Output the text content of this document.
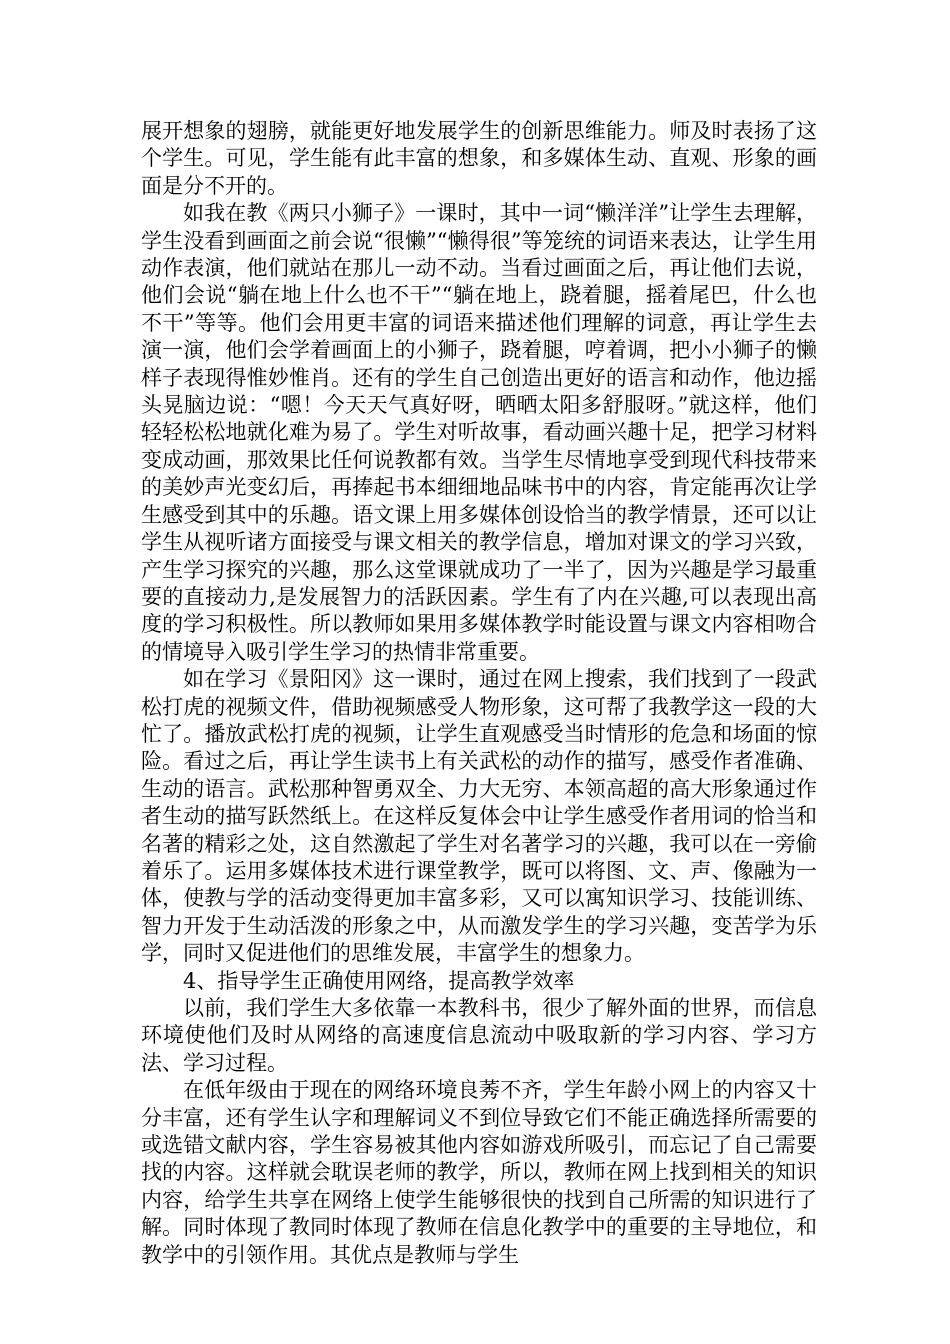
展开想象的翅膀，就能更好地发展学生的创新思维能力。师及时表扬了这个学生。可见，学生能有此丰富的想象，和多媒体生动、直观、形象的画面是分不开的。

如我在教《两只小狮子》一课时，其中一词“懒洋洋”让学生去理解，学生没看到画面之前会说“很懒”“懒得很”等笼统的词语来表达，让学生用动作表演，他们就站在那儿一动不动。当看过画面之后，再让他们去说，他们会说“躺在地上什么也不干”“躺在地上，跷着腿，摇着尾巴，什么也不干”等等。他们会用更丰富的词语来描述他们理解的词意，再让学生去演一演，他们会学着画面上的小狮子，跷着腿，哼着调，把小小狮子的懒样子表现得惟妙惟肖。还有的学生自己创造出更好的语言和动作，他边摇头晃脑边说：“嗯！今天天气真好呀，晒晒太阳多舒服呀。”就这样，他们轻轻松松地就化难为易了。学生对听故事，看动画兴趣十足，把学习材料变成动画，那效果比任何说教都有效。当学生尽情地享受到现代科技带来的美妙声光变幻后，再捧起书本细细地品味书中的内容，肯定能再次让学生感受到其中的乐趣。语文课上用多媒体创设恰当的教学情景，还可以让学生从视听诸方面接受与课文相关的教学信息，增加对课文的学习兴致，产生学习探究的兴趣，那么这堂课就成功了一半了，因为兴趣是学习最重要的直接动力,是发展智力的活跃因素。学生有了内在兴趣,可以表现出高度的学习积极性。所以教师如果用多媒体教学时能设置与课文内容相吻合的情境导入吸引学生学习的热情非常重要。

如在学习《景阳冈》这一课时，通过在网上搜索，我们找到了一段武松打虎的视频文件，借助视频感受人物形象，这可帮了我教学这一段的大忙了。播放武松打虎的视频，让学生直观感受当时情形的危急和场面的惊险。看过之后，再让学生读书上有关武松的动作的描写，感受作者准确、生动的语言。武松那种智勇双全、力大无穷、本领高超的高大形象通过作者生动的描写跃然纸上。在这样反复体会中让学生感受作者用词的恰当和名著的精彩之处，这自然激起了学生对名著学习的兴趣，我可以在一旁偷着乐了。运用多媒体技术进行课堂教学，既可以将图、文、声、像融为一体，使教与学的活动变得更加丰富多彩，又可以寓知识学习、技能训练、智力开发于生动活泼的形象之中，从而激发学生的学习兴趣，变苦学为乐学，同时又促进他们的思维发展，丰富学生的想象力。

4、指导学生正确使用网络，提高教学效率

以前，我们学生大多依靠一本教科书，很少了解外面的世界，而信息环境使他们及时从网络的高速度信息流动中吸取新的学习内容、学习方法、学习过程。

在低年级由于现在的网络环境良莠不齐，学生年龄小网上的内容又十分丰富，还有学生认字和理解词义不到位导致它们不能正确选择所需要的或选错文献内容，学生容易被其他内容如游戏所吸引，而忘记了自己需要找的内容。这样就会耽误老师的教学，所以，教师在网上找到相关的知识内容，给学生共享在网络上使学生能够很快的找到自己所需的知识进行了解。同时体现了教同时体现了教师在信息化教学中的重要的主导地位，和教学中的引领作用。其优点是教师与学生
